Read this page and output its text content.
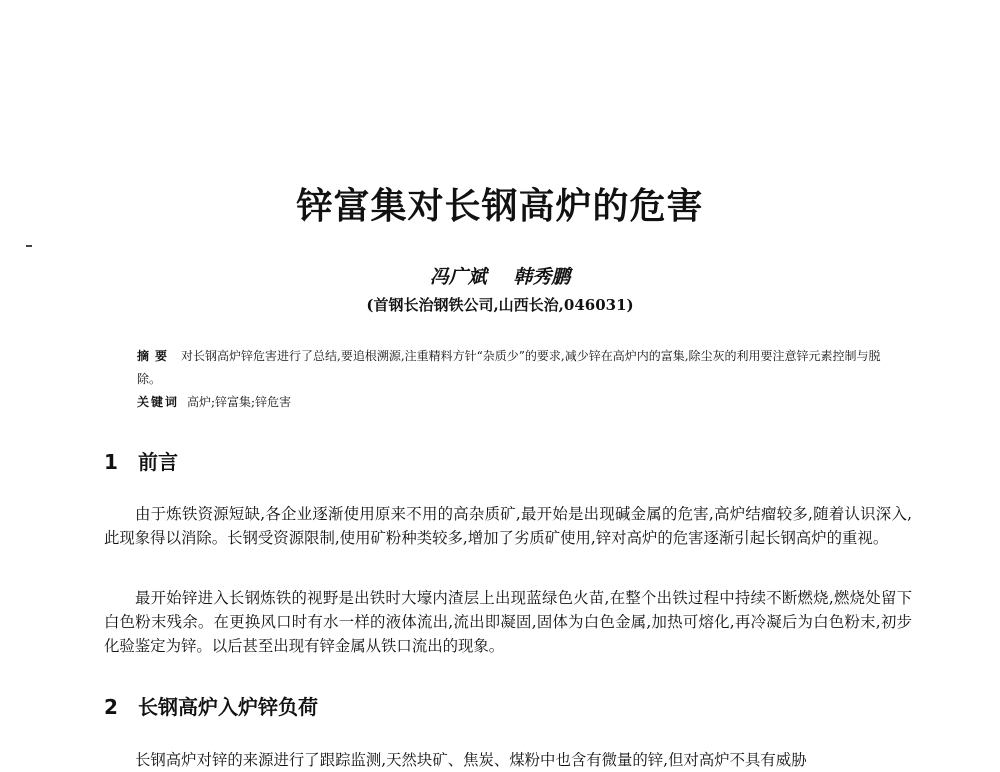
锌富集对长钢高炉的危害
冯广斌    韩秀鹏
(首钢长治钢铁公司,山西长治,046031)
摘要 对长钢高炉锌危害进行了总结,要追根溯源,注重精料方针“杂质少”的要求,减少锌在高炉内的富集,除尘灰的利用要注意锌元素控制与脱除。
关键词 高炉;锌富集;锌危害
1 前言
由于炼铁资源短缺,各企业逐渐使用原来不用的高杂质矿,最开始是出现碱金属的危害,高炉结瘤较多,随着认识深入,此现象得以消除。长钢受资源限制,使用矿粉种类较多,增加了劣质矿使用,锌对高炉的危害逐渐引起长钢高炉的重视。
最开始锌进入长钢炼铁的视野是出铁时大壕内渣层上出现蓝绿色火苗,在整个出铁过程中持续不断燃烧,燃烧处留下白色粉末残余。在更换风口时有水一样的液体流出,流出即凝固,固体为白色金属,加热可熔化,再冷凝后为白色粉末,初步化验鉴定为锌。以后甚至出现有锌金属从铁口流出的现象。
2 长钢高炉入炉锌负荷
长钢高炉对锌的来源进行了跟踪监测,天然块矿、焦炭、煤粉中也含有微量的锌,但对高炉不具有威胁
